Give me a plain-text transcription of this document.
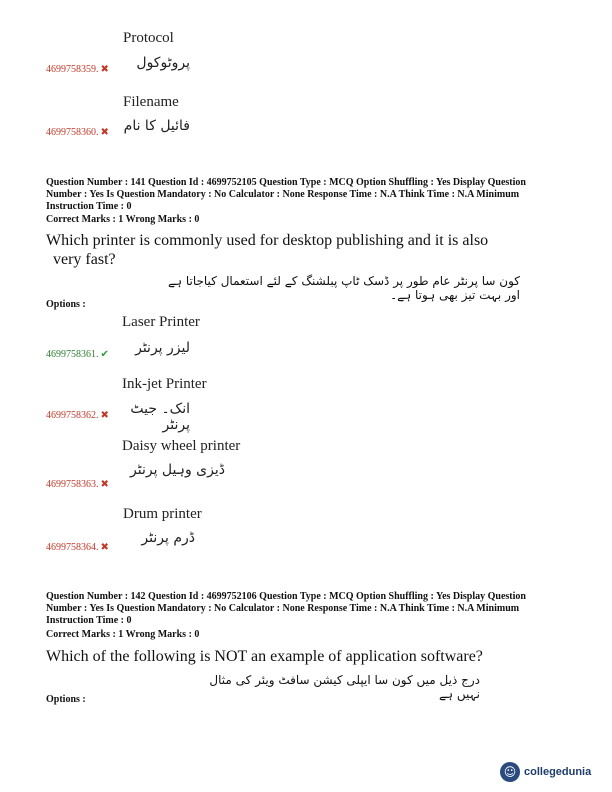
Protocol
پروٹوکول
4699758359. ✖
Filename
فائیل کا نام
4699758360. ✖
Question Number : 141 Question Id : 4699752105 Question Type : MCQ Option Shuffling : Yes Display Question
Number : Yes Is Question Mandatory : No Calculator : None Response Time : N.A Think Time : N.A Minimum
Instruction Time : 0
Correct Marks : 1 Wrong Marks : 0
Which printer is commonly used for desktop publishing and it is also
very fast?
کون سا پرنٹر عام طور پر ڈسک ٹاپ پبلشنگ کے لئے استعمال کیاجاتا ہے اور بہت تیز بھی ہوتا ہے۔
Options :
Laser Printer
لیزر پرنٹر
4699758361. ✔
Ink-jet Printer
انک۔ جیٹ پرنٹر
4699758362. ✖
Daisy wheel printer
ڈیزی وہیل پرنٹر
4699758363. ✖
Drum printer
ڈرم پرنٹر
4699758364. ✖
Question Number : 142 Question Id : 4699752106 Question Type : MCQ Option Shuffling : Yes Display Question
Number : Yes Is Question Mandatory : No Calculator : None Response Time : N.A Think Time : N.A Minimum
Instruction Time : 0
Correct Marks : 1 Wrong Marks : 0
Which of the following is NOT an example of application software?
درج ذیل میں کون سا ایپلی کیشن سافٹ ویئر کی مثال نہیں ہے
Options :
☺ collegedunia
